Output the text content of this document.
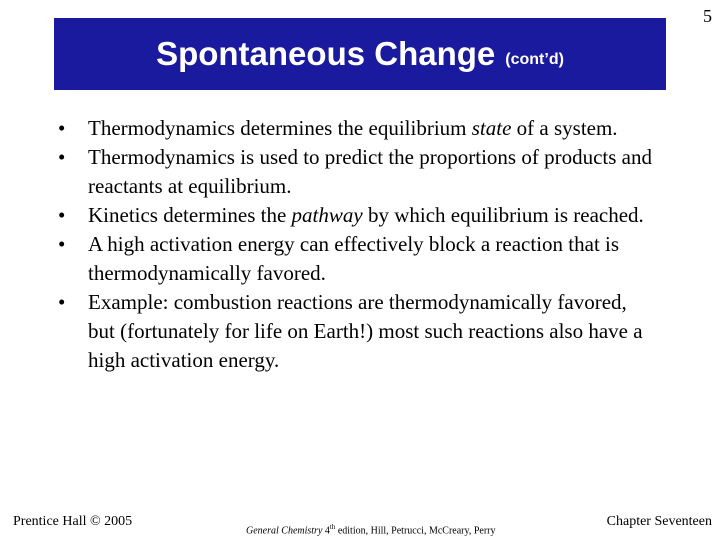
5
Spontaneous Change (cont’d)
•	Thermodynamics determines the equilibrium state of a system.
•	Thermodynamics is used to predict the proportions of products and reactants at equilibrium.
•	Kinetics determines the pathway by which equilibrium is reached.
•	A high activation energy can effectively block a reaction that is thermodynamically favored.
•	Example: combustion reactions are thermodynamically favored, but (fortunately for life on Earth!) most such reactions also have a high activation energy.
Prentice Hall © 2005
General Chemistry 4th edition, Hill, Petrucci, McCreary, Perry
Chapter Seventeen
